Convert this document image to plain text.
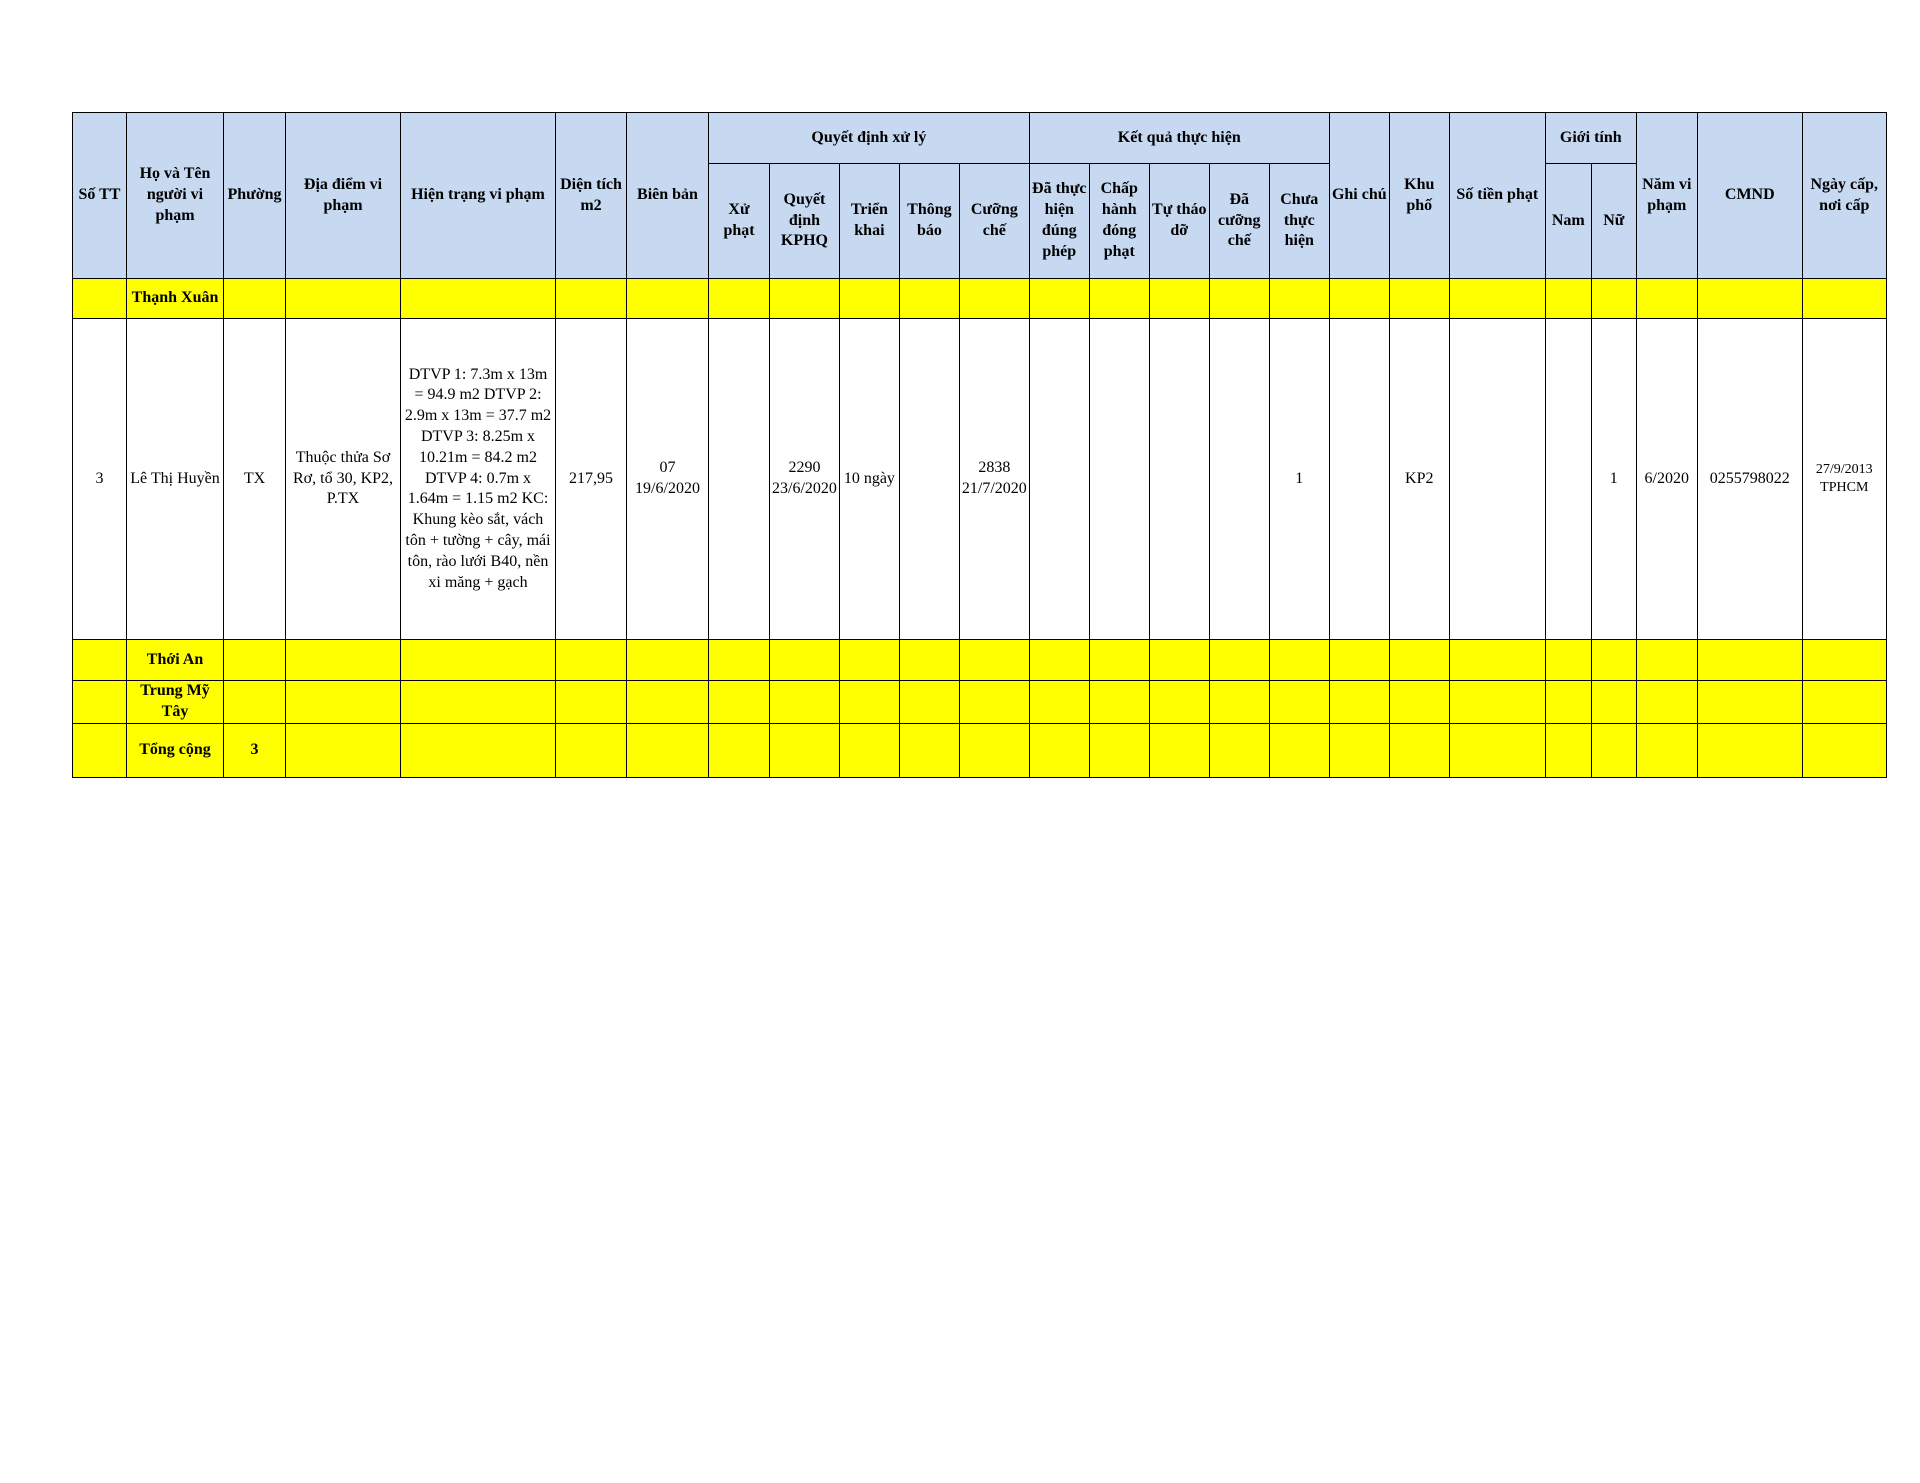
Số TT	Họ và Tên người vi phạm	Phường	Địa điểm vi phạm	Hiện trạng vi phạm	Diện tích m2	Biên bản	Quyết định xử lý					Kết quả thực hiện					Ghi chú	Khu phố	Số tiền phạt	Giới tính		Năm vi phạm	CMND	Ngày cấp, nơi cấp
							Xử phạt	Quyết định KPHQ	Triển khai	Thông báo	Cưỡng chế	Đã thực hiện đúng phép	Chấp hành đóng phạt	Tự tháo dỡ	Đã cưỡng chế	Chưa thực hiện				Nam	Nữ			
	Thạnh Xuân																							
3	Lê Thị Huyền	TX	Thuộc thửa Sơ Rơ, tổ 30, KP2, P.TX	DTVP 1: 7.3m x 13m = 94.9 m2 DTVP 2: 2.9m x 13m = 37.7 m2 DTVP 3: 8.25m x 10.21m = 84.2 m2 DTVP 4: 0.7m x 1.64m = 1.15 m2 KC: Khung kèo sắt, vách tôn + tường + cây, mái tôn, rào lưới B40, nền xi măng + gạch	217,95	07 19/6/2020		2290 23/6/2020	10 ngày		2838 21/7/2020					1		KP2			1	6/2020	0255798022	27/9/2013 TPHCM
	Thới An																							
	Trung Mỹ Tây																							
	Tổng cộng	3																						
